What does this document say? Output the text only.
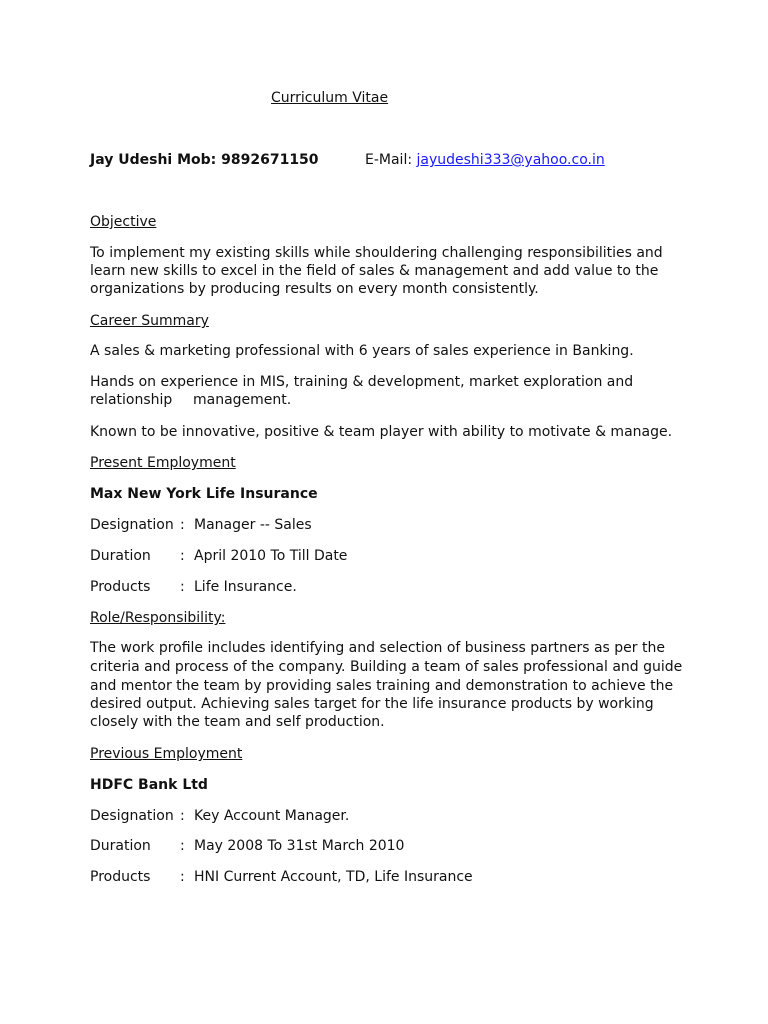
Curriculum Vitae
Jay Udeshi Mob: 9892671150	E-Mail: jayudeshi333@yahoo.co.in
Objective
To implement my existing skills while shouldering challenging responsibilities and
learn new skills to excel in the field of sales & management and add value to the
organizations by producing results on every month consistently.
Career Summary
A sales & marketing professional with 6 years of sales experience in Banking.
Hands on experience in MIS, training & development, market exploration and
relationship management.
Known to be innovative, positive & team player with ability to motivate & manage.
Present Employment
Max New York Life Insurance
Designation : Manager -- Sales
Duration : April 2010 To Till Date
Products : Life Insurance.
Role/Responsibility:
The work profile includes identifying and selection of business partners as per the
criteria and process of the company. Building a team of sales professional and guide
and mentor the team by providing sales training and demonstration to achieve the
desired output. Achieving sales target for the life insurance products by working
closely with the team and self production.
Previous Employment
HDFC Bank Ltd
Designation : Key Account Manager.
Duration : May 2008 To 31st March 2010
Products : HNI Current Account, TD, Life Insurance
